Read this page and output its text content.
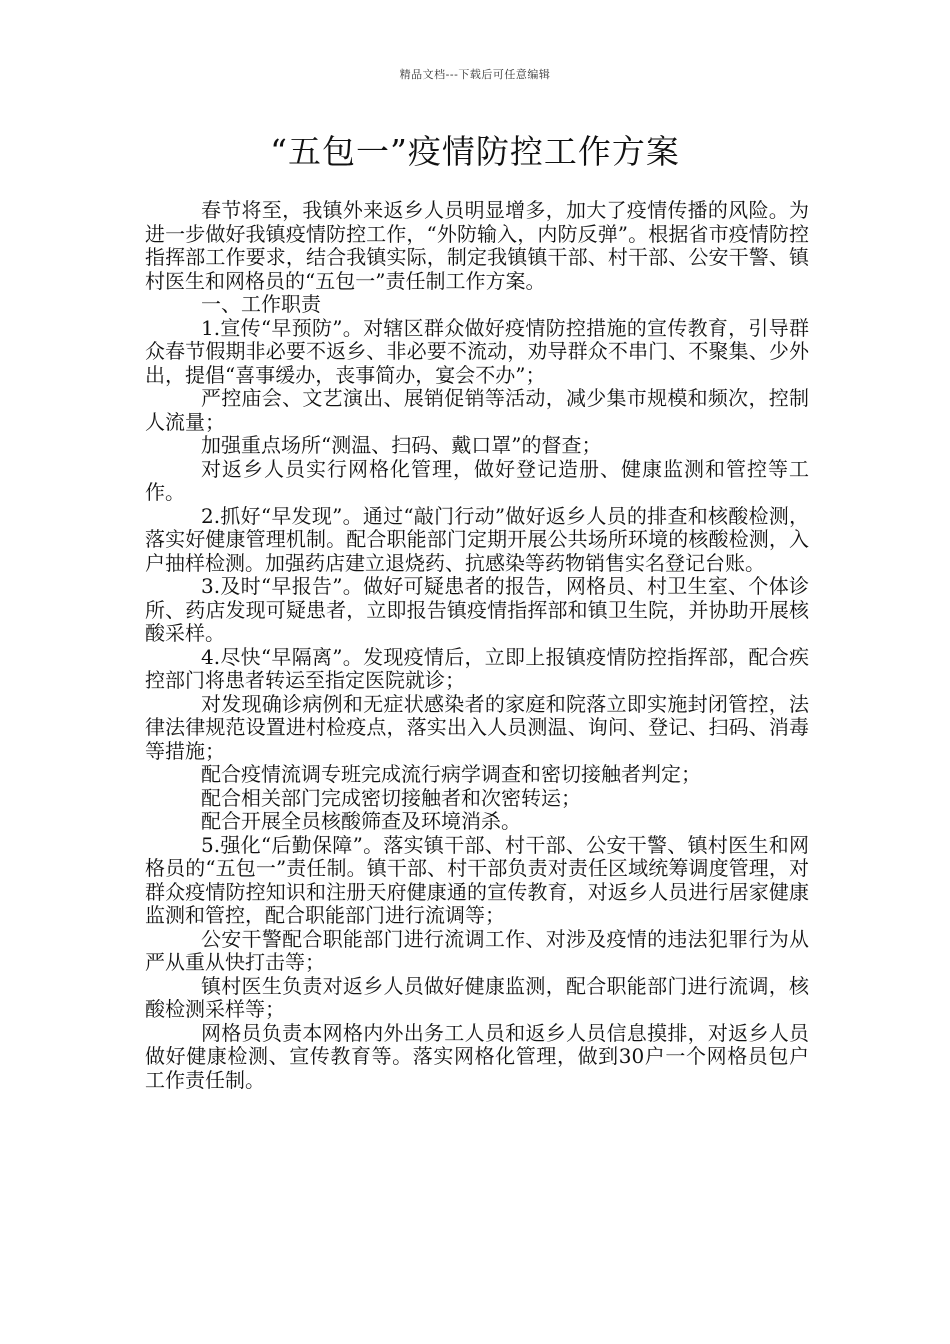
精品文档---下载后可任意编辑
“五包一”疫情防控工作方案

春节将至，我镇外来返乡人员明显增多，加大了疫情传播的风险。为进一步做好我镇疫情防控工作，“外防输入，内防反弹”。根据省市疫情防控指挥部工作要求，结合我镇实际，制定我镇镇干部、村干部、公安干警、镇村医生和网格员的“五包一”责任制工作方案。

一、工作职责

1.宣传“早预防”。对辖区群众做好疫情防控措施的宣传教育，引导群众春节假期非必要不返乡、非必要不流动，劝导群众不串门、不聚集、少外出，提倡“喜事缓办，丧事简办，宴会不办”；

严控庙会、文艺演出、展销促销等活动，减少集市规模和频次，控制人流量；

加强重点场所“测温、扫码、戴口罩”的督查；

对返乡人员实行网格化管理，做好登记造册、健康监测和管控等工作。

2.抓好“早发现”。通过“敲门行动”做好返乡人员的排查和核酸检测，落实好健康管理机制。配合职能部门定期开展公共场所环境的核酸检测，入户抽样检测。加强药店建立退烧药、抗感染等药物销售实名登记台账。

3.及时“早报告”。做好可疑患者的报告，网格员、村卫生室、个体诊所、药店发现可疑患者，立即报告镇疫情指挥部和镇卫生院，并协助开展核酸采样。

4.尽快“早隔离”。发现疫情后，立即上报镇疫情防控指挥部，配合疾控部门将患者转运至指定医院就诊；

对发现确诊病例和无症状感染者的家庭和院落立即实施封闭管控，法律法律规范设置进村检疫点，落实出入人员测温、询问、登记、扫码、消毒等措施；

配合疫情流调专班完成流行病学调查和密切接触者判定；

配合相关部门完成密切接触者和次密转运；

配合开展全员核酸筛查及环境消杀。

5.强化“后勤保障”。落实镇干部、村干部、公安干警、镇村医生和网格员的“五包一”责任制。镇干部、村干部负责对责任区域统筹调度管理，对群众疫情防控知识和注册天府健康通的宣传教育，对返乡人员进行居家健康监测和管控，配合职能部门进行流调等；

公安干警配合职能部门进行流调工作、对涉及疫情的违法犯罪行为从严从重从快打击等；

镇村医生负责对返乡人员做好健康监测，配合职能部门进行流调，核酸检测采样等；

网格员负责本网格内外出务工人员和返乡人员信息摸排，对返乡人员做好健康检测、宣传教育等。落实网格化管理，做到30户一个网格员包户工作责任制。
